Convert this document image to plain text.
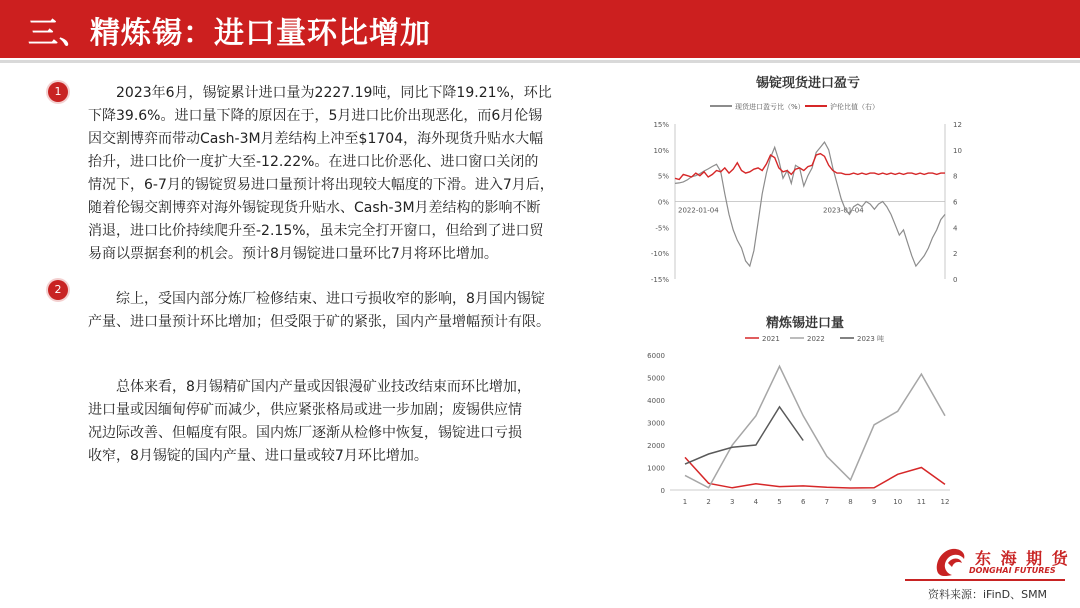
三、精炼锡：进口量环比增加
1	2023年6月，锡锭累计进口量为2227.19吨，同比下降19.21%，环比
下降39.6%。进口量下降的原因在于，5月进口比价出现恶化，而6月伦锡
因交割博弈而带动Cash-3M月差结构上冲至$1704，海外现货升贴水大幅
抬升，进口比价一度扩大至-12.22%。在进口比价恶化、进口窗口关闭的
情况下，6-7月的锡锭贸易进口量预计将出现较大幅度的下滑。进入7月后，
随着伦锡交割博弈对海外锡锭现货升贴水、Cash-3M月差结构的影响不断
消退，进口比价持续爬升至-2.15%，虽未完全打开窗口，但给到了进口贸
易商以票据套利的机会。预计8月锡锭进口量环比7月将环比增加。
2
综上，受国内部分炼厂检修结束、进口亏损收窄的影响，8月国内锡锭
产量、进口量预计环比增加；但受限于矿的紧张，国内产量增幅预计有限。
总体来看，8月锡精矿国内产量或因银漫矿业技改结束而环比增加，
进口量或因缅甸停矿而减少，供应紧张格局或进一步加剧；废锡供应情
况边际改善、但幅度有限。国内炼厂逐渐从检修中恢复，锡锭进口亏损
收窄，8月锡锭的国内产量、进口量或较7月环比增加。
锡锭现货进口盈亏
现货进口盈亏比（%）	沪伦比值（右）
15%
10%
5%
0%
-5%
-10%
-15%
12
10
8
6
4
2
0
2022-01-04	2023-01-04
精炼锡进口量
2021	2022	2023 吨
6000
5000
4000
3000
2000
1000
0
1	2	3	4	5	6	7	8	9 10 11 12
东 海 期 货
DONGHAI FUTURES
资料来源：iFinD、SMM
